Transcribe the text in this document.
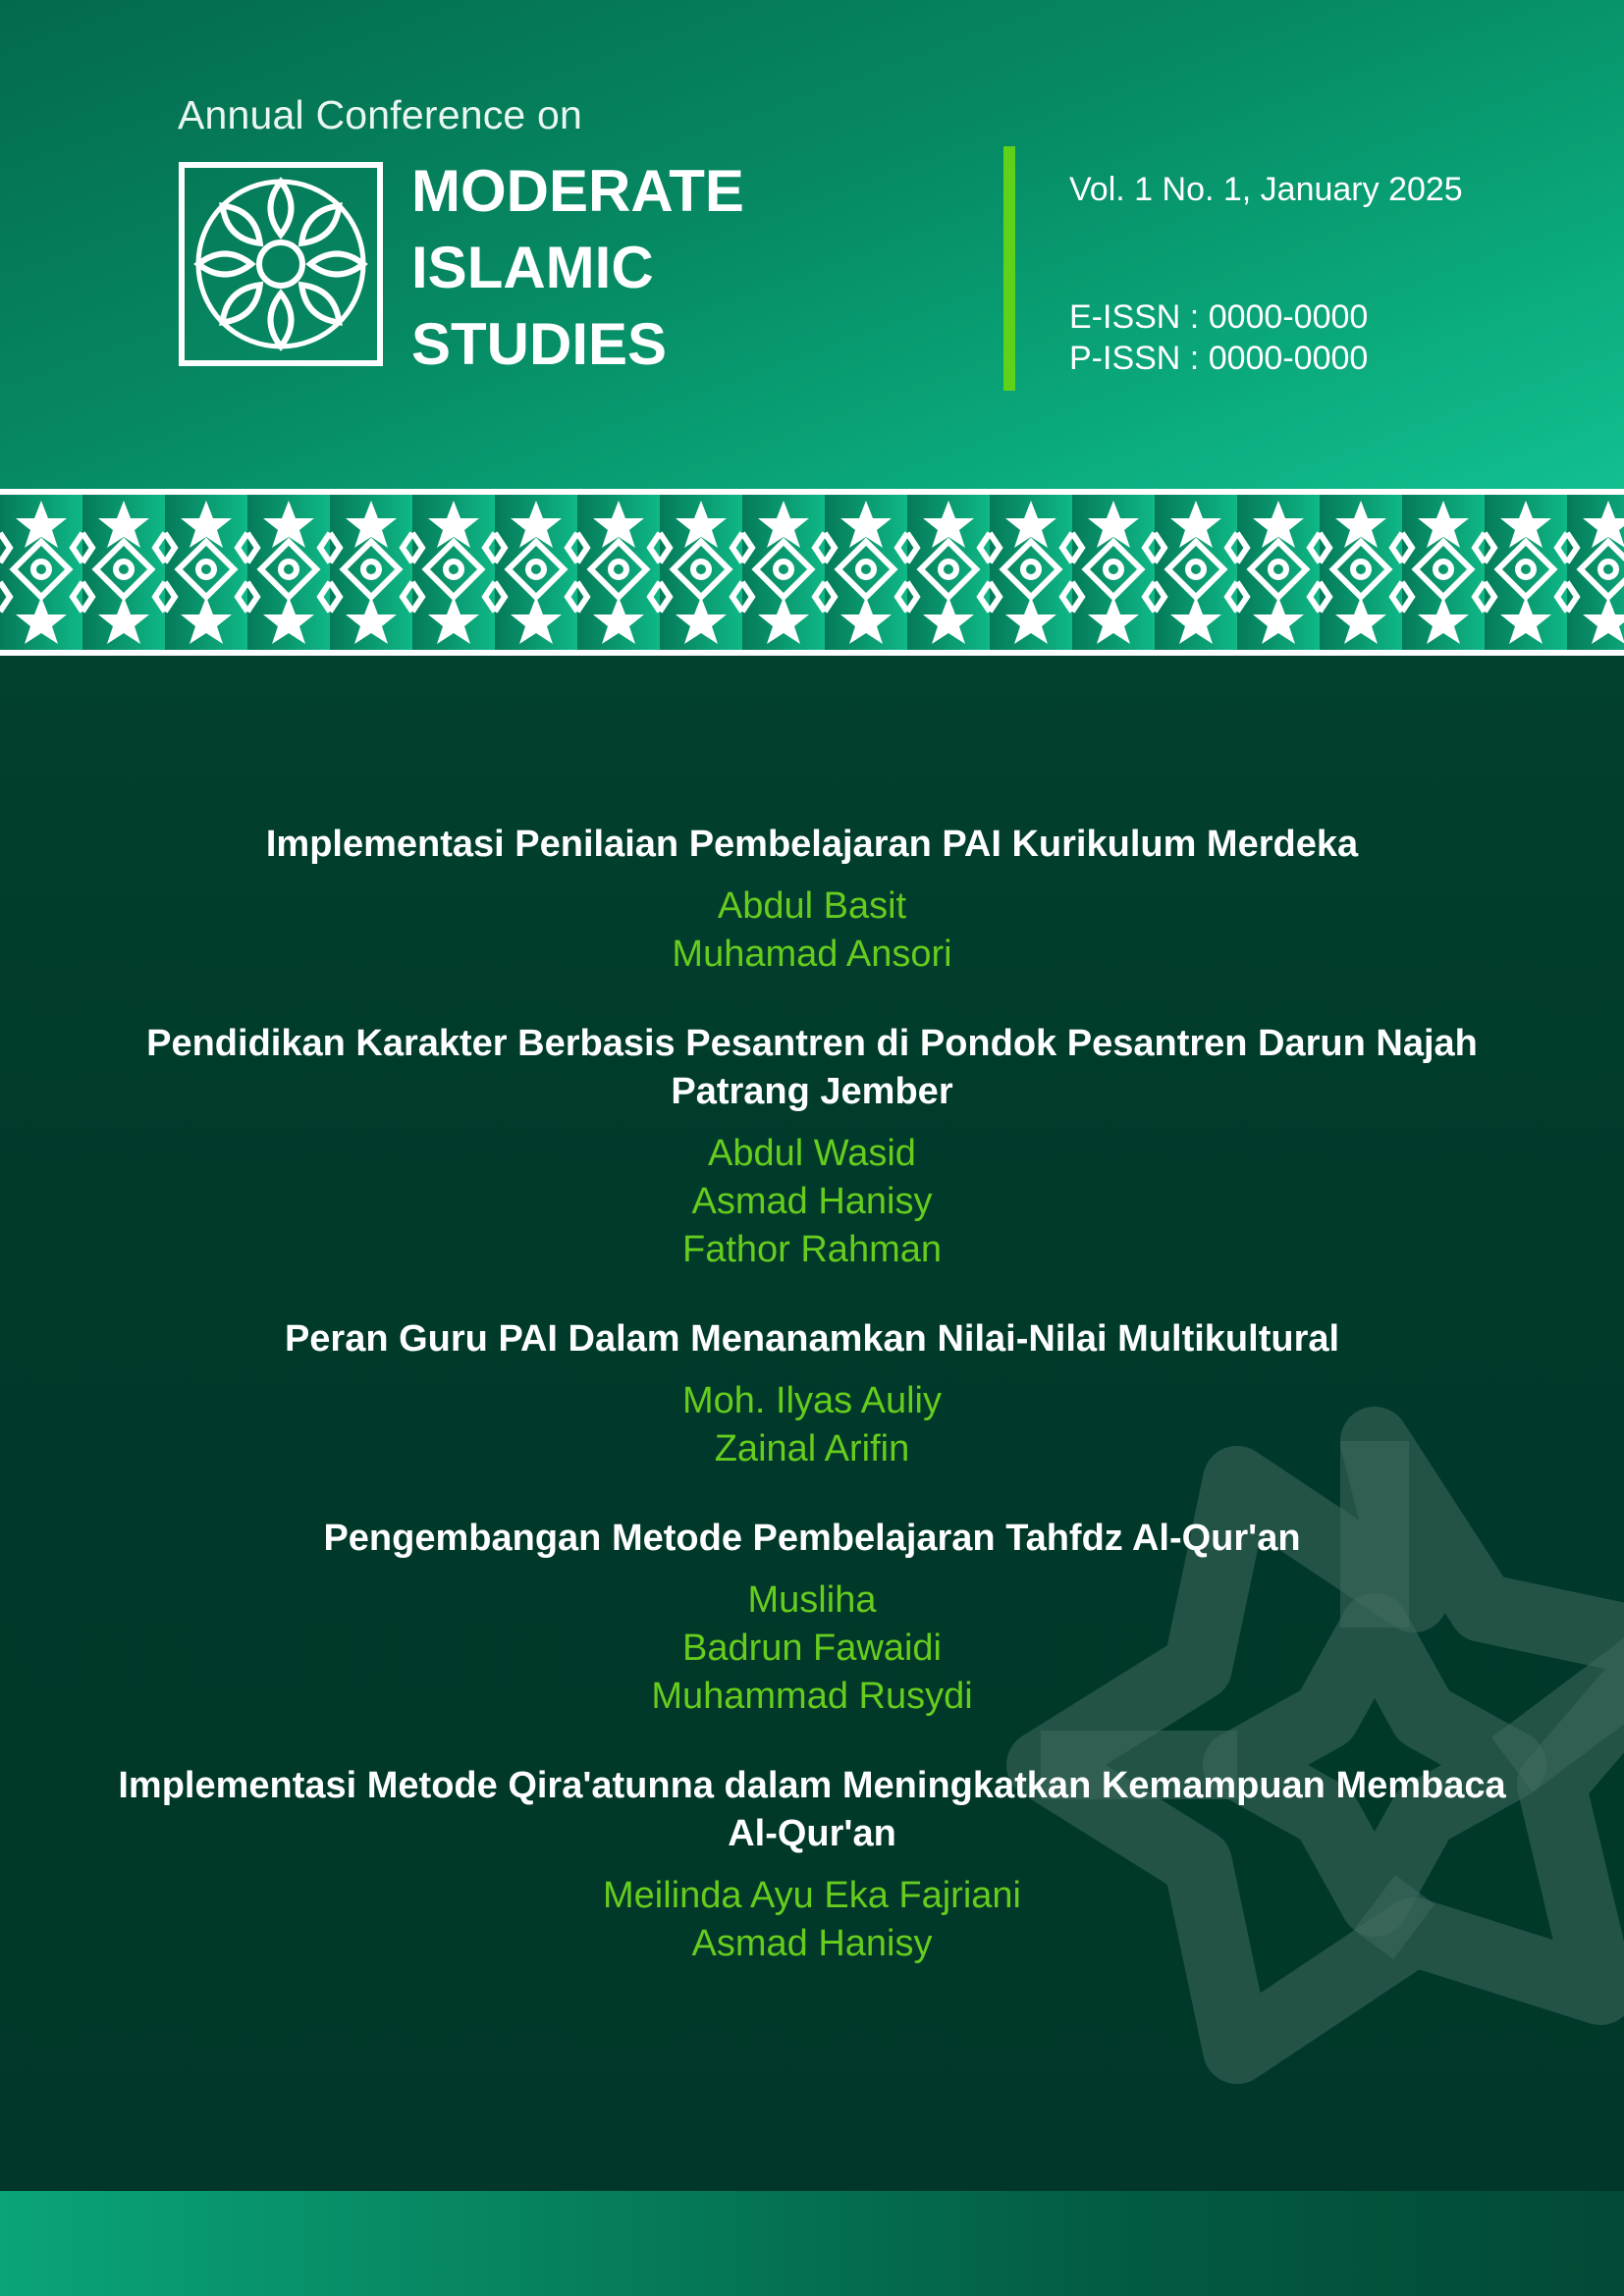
Annual Conference on
MODERATE
ISLAMIC
STUDIES
Vol. 1 No. 1, January 2025
E-ISSN : 0000-0000
P-ISSN : 0000-0000
Implementasi Penilaian Pembelajaran PAI Kurikulum Merdeka
Abdul Basit
Muhamad Ansori
Pendidikan Karakter Berbasis Pesantren di Pondok Pesantren Darun Najah Patrang Jember
Abdul Wasid
Asmad Hanisy
Fathor Rahman
Peran Guru PAI Dalam Menanamkan Nilai-Nilai Multikultural
Moh. Ilyas Auliy
Zainal Arifin
Pengembangan Metode Pembelajaran Tahfdz Al-Qur'an
Musliha
Badrun Fawaidi
Muhammad Rusydi
Implementasi Metode Qira'atunna dalam Meningkatkan Kemampuan Membaca Al-Qur'an
Meilinda Ayu Eka Fajriani
Asmad Hanisy
